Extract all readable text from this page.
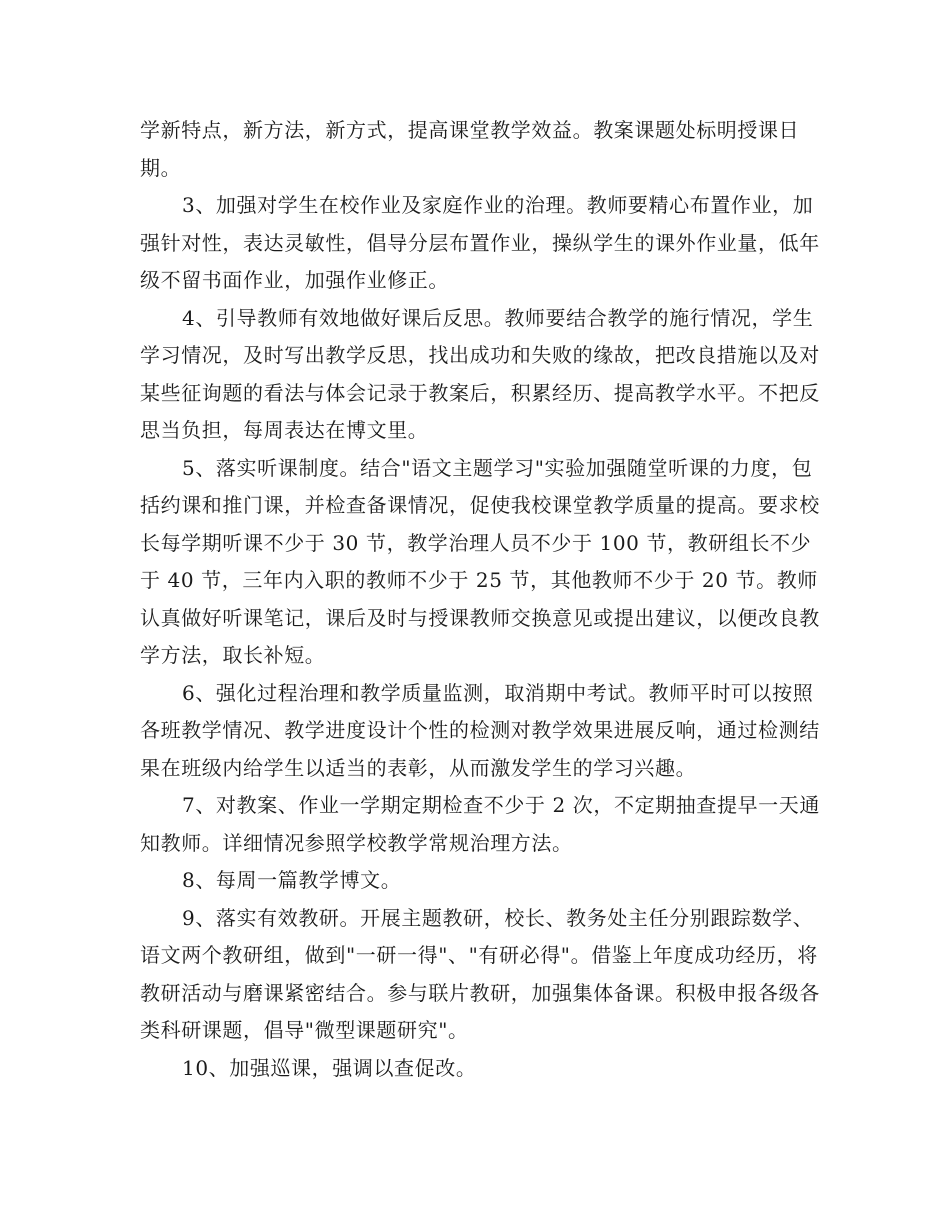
学新特点，新方法，新方式，提高课堂教学效益。教案课题处标明授课日期。

3、加强对学生在校作业及家庭作业的治理。教师要精心布置作业，加强针对性，表达灵敏性，倡导分层布置作业，操纵学生的课外作业量，低年级不留书面作业，加强作业修正。

4、引导教师有效地做好课后反思。教师要结合教学的施行情况，学生学习情况，及时写出教学反思，找出成功和失败的缘故，把改良措施以及对某些征询题的看法与体会记录于教案后，积累经历、提高教学水平。不把反思当负担，每周表达在博文里。

5、落实听课制度。结合"语文主题学习"实验加强随堂听课的力度，包括约课和推门课，并检查备课情况，促使我校课堂教学质量的提高。要求校长每学期听课不少于 30 节，教学治理人员不少于 100 节，教研组长不少于 40 节，三年内入职的教师不少于 25 节，其他教师不少于 20 节。教师认真做好听课笔记，课后及时与授课教师交换意见或提出建议，以便改良教学方法，取长补短。

6、强化过程治理和教学质量监测，取消期中考试。教师平时可以按照各班教学情况、教学进度设计个性的检测对教学效果进展反响，通过检测结果在班级内给学生以适当的表彰，从而激发学生的学习兴趣。

7、对教案、作业一学期定期检查不少于 2 次，不定期抽查提早一天通知教师。详细情况参照学校教学常规治理方法。

8、每周一篇教学博文。

9、落实有效教研。开展主题教研，校长、教务处主任分别跟踪数学、语文两个教研组，做到"一研一得"、"有研必得"。借鉴上年度成功经历，将教研活动与磨课紧密结合。参与联片教研，加强集体备课。积极申报各级各类科研课题，倡导"微型课题研究"。

10、加强巡课，强调以查促改。
